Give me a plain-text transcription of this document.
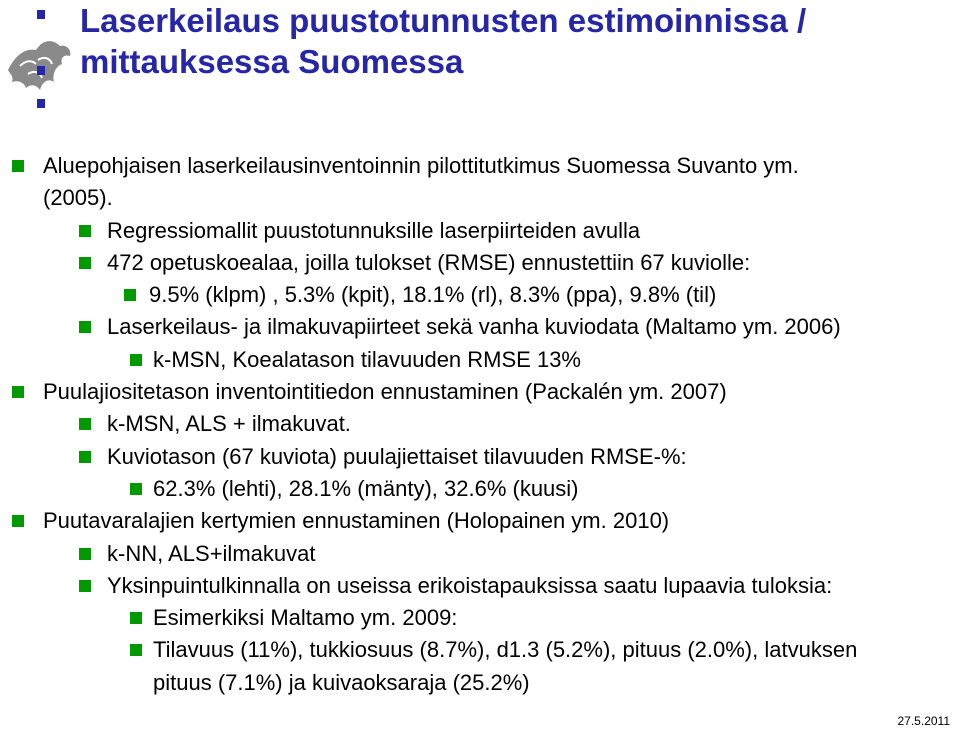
Laserkeilaus puustotunnusten estimoinnissa /
mittauksessa Suomessa
Aluepohjaisen laserkeilausinventoinnin pilottitutkimus Suomessa Suvanto ym.
(2005).
Regressiomallit puustotunnuksille laserpiirteiden avulla
472 opetuskoealaa, joilla tulokset (RMSE) ennustettiin 67 kuviolle:
9.5% (klpm) , 5.3% (kpit), 18.1% (rl), 8.3% (ppa), 9.8% (til)
Laserkeilaus- ja ilmakuvapiirteet sekä vanha kuviodata (Maltamo ym. 2006)
k-MSN, Koealatason tilavuuden RMSE 13%
Puulajiositetason inventointitiedon ennustaminen (Packalén ym. 2007)
k-MSN, ALS + ilmakuvat.
Kuviotason (67 kuviota) puulajiettaiset tilavuuden RMSE-%:
62.3% (lehti), 28.1% (mänty), 32.6% (kuusi)
Puutavaralajien kertymien ennustaminen (Holopainen ym. 2010)
k-NN, ALS+ilmakuvat
Yksinpuintulkinnalla on useissa erikoistapauksissa saatu lupaavia tuloksia:
Esimerkiksi Maltamo ym. 2009:
Tilavuus (11%), tukkiosuus (8.7%), d1.3 (5.2%), pituus (2.0%), latvuksen
pituus (7.1%) ja kuivaoksaraja (25.2%)
27.5.2011
